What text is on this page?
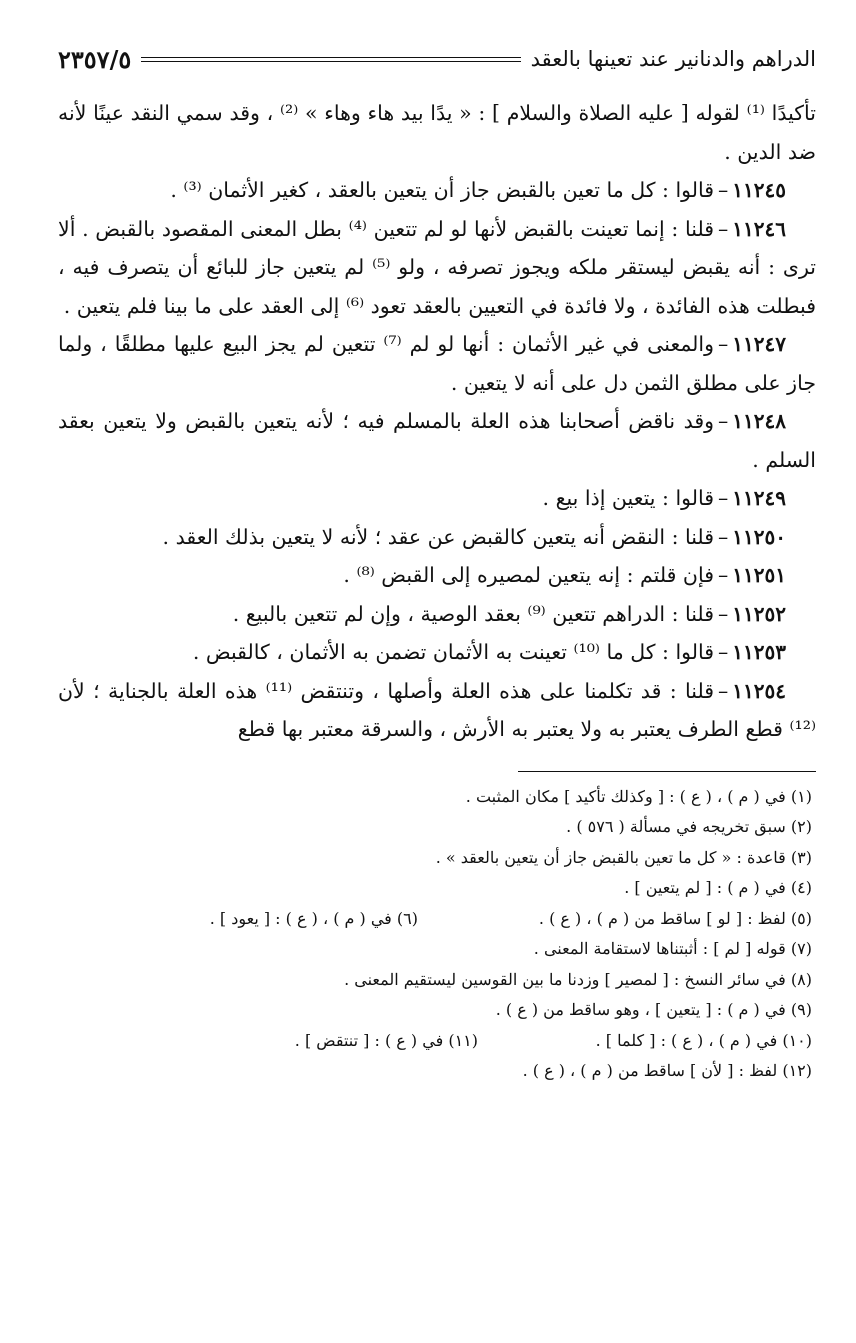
الدراهم والدنانير عند تعينها بالعقد
٢٣٥٧/٥

تأكيدًا ⁽¹⁾ لقوله [ عليه الصلاة والسلام ] : « يدًا بيد هاء وهاء » ⁽²⁾ ، وقد سمي النقد عينًا لأنه ضد الدين .

١١٢٤٥–قالوا : كل ما تعين بالقبض جاز أن يتعين بالعقد ، كغير الأثمان ⁽³⁾ .

١١٢٤٦–قلنا : إنما تعينت بالقبض لأنها لو لم تتعين ⁽⁴⁾ بطل المعنى المقصود بالقبض . ألا ترى : أنه يقبض ليستقر ملكه ويجوز تصرفه ، ولو ⁽⁵⁾ لم يتعين جاز للبائع أن يتصرف فيه ، فبطلت هذه الفائدة ، ولا فائدة في التعيين بالعقد تعود ⁽⁶⁾ إلى العقد على ما بينا فلم يتعين .

١١٢٤٧–والمعنى في غير الأثمان : أنها لو لم ⁽⁷⁾ تتعين لم يجز البيع عليها مطلقًا ، ولما جاز على مطلق الثمن دل على أنه لا يتعين .

١١٢٤٨–وقد ناقض أصحابنا هذه العلة بالمسلم فيه ؛ لأنه يتعين بالقبض ولا يتعين بعقد السلم .

١١٢٤٩–قالوا : يتعين إذا بيع .

١١٢٥٠–قلنا : النقض أنه يتعين كالقبض عن عقد ؛ لأنه لا يتعين بذلك العقد .

١١٢٥١–فإن قلتم : إنه يتعين لمصيره إلى القبض ⁽⁸⁾ .

١١٢٥٢–قلنا : الدراهم تتعين ⁽⁹⁾ بعقد الوصية ، وإن لم تتعين بالبيع .

١١٢٥٣–قالوا : كل ما ⁽¹⁰⁾ تعينت به الأثمان تضمن به الأثمان ، كالقبض .

١١٢٥٤–قلنا : قد تكلمنا على هذه العلة وأصلها ، وتنتقض ⁽¹¹⁾ هذه العلة بالجناية ؛ لأن ⁽¹²⁾ قطع الطرف يعتبر به ولا يعتبر به الأرش ، والسرقة معتبر بها قطع

(١) في ( م ) ، ( ع ) : [ وكذلك تأكيد ] مكان المثبت .

(٢) سبق تخريجه في مسألة ( ٥٧٦ ) .

(٣) قاعدة : « كل ما تعين بالقبض جاز أن يتعين بالعقد » .

(٤) في ( م ) : [ لم يتعين ] .

(٥) لفظ : [ لو ] ساقط من ( م ) ، ( ع ) .
(٦) في ( م ) ، ( ع ) : [ يعود ] .

(٧) قوله [ لم ] : أثبتناها لاستقامة المعنى .

(٨) في سائر النسخ : [ لمصير ] وزدنا ما بين القوسين ليستقيم المعنى .

(٩) في ( م ) : [ يتعين ] ، وهو ساقط من ( ع ) .

(١٠) في ( م ) ، ( ع ) : [ كلما ] .
(١١) في ( ع ) : [ تنتقض ] .

(١٢) لفظ : [ لأن ] ساقط من ( م ) ، ( ع ) .
